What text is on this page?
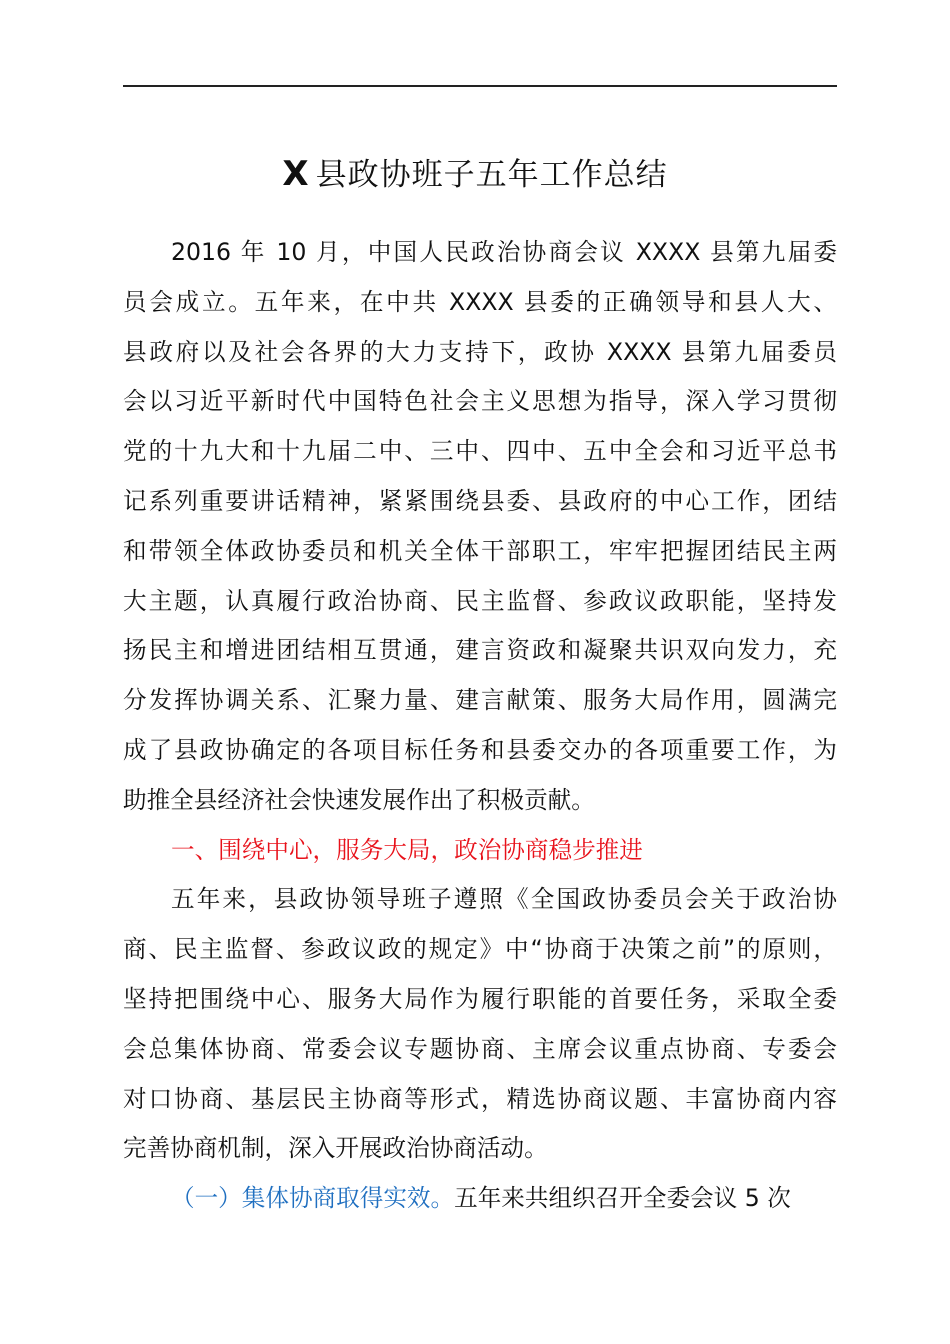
X 县政协班子五年工作总结
2016 年 10 月，中国人民政治协商会议 XXXX 县第九届委
员会成立。五年来，在中共 XXXX 县委的正确领导和县人大、
县政府以及社会各界的大力支持下，政协 XXXX 县第九届委员
会以习近平新时代中国特色社会主义思想为指导，深入学习贯彻
党的十九大和十九届二中、三中、四中、五中全会和习近平总书
记系列重要讲话精神，紧紧围绕县委、县政府的中心工作，团结
和带领全体政协委员和机关全体干部职工，牢牢把握团结民主两
大主题，认真履行政治协商、民主监督、参政议政职能，坚持发
扬民主和增进团结相互贯通，建言资政和凝聚共识双向发力，充
分发挥协调关系、汇聚力量、建言献策、服务大局作用，圆满完
成了县政协确定的各项目标任务和县委交办的各项重要工作，为
助推全县经济社会快速发展作出了积极贡献。
一、围绕中心，服务大局，政治协商稳步推进
五年来，县政协领导班子遵照《全国政协委员会关于政治协
商、民主监督、参政议政的规定》中“协商于决策之前”的原则，
坚持把围绕中心、服务大局作为履行职能的首要任务，采取全委
会总集体协商、常委会议专题协商、主席会议重点协商、专委会
对口协商、基层民主协商等形式，精选协商议题、丰富协商内容
完善协商机制，深入开展政治协商活动。
（一）集体协商取得实效。五年来共组织召开全委会议 5 次
